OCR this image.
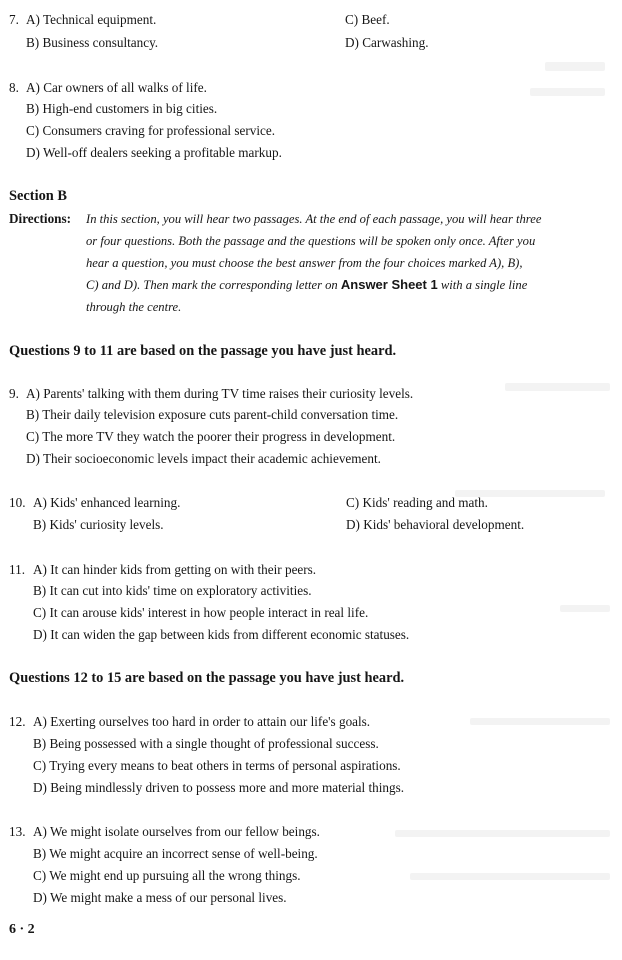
7. A) Technical equipment.
B) Business consultancy.
C) Beef.
D) Carwashing.
8. A) Car owners of all walks of life.
B) High-end customers in big cities.
C) Consumers craving for professional service.
D) Well-off dealers seeking a profitable markup.
Section B
Directions: In this section, you will hear two passages. At the end of each passage, you will hear three
or four questions. Both the passage and the questions will be spoken only once. After you
hear a question, you must choose the best answer from the four choices marked A), B),
C) and D). Then mark the corresponding letter on Answer Sheet 1 with a single line
through the centre.
Questions 9 to 11 are based on the passage you have just heard.
9. A) Parents' talking with them during TV time raises their curiosity levels.
B) Their daily television exposure cuts parent-child conversation time.
C) The more TV they watch the poorer their progress in development.
D) Their socioeconomic levels impact their academic achievement.
10. A) Kids' enhanced learning.
B) Kids' curiosity levels.
C) Kids' reading and math.
D) Kids' behavioral development.
11. A) It can hinder kids from getting on with their peers.
B) It can cut into kids' time on exploratory activities.
C) It can arouse kids' interest in how people interact in real life.
D) It can widen the gap between kids from different economic statuses.
Questions 12 to 15 are based on the passage you have just heard.
12. A) Exerting ourselves too hard in order to attain our life's goals.
B) Being possessed with a single thought of professional success.
C) Trying every means to beat others in terms of personal aspirations.
D) Being mindlessly driven to possess more and more material things.
13. A) We might isolate ourselves from our fellow beings.
B) We might acquire an incorrect sense of well-being.
C) We might end up pursuing all the wrong things.
D) We might make a mess of our personal lives.
6 · 2
